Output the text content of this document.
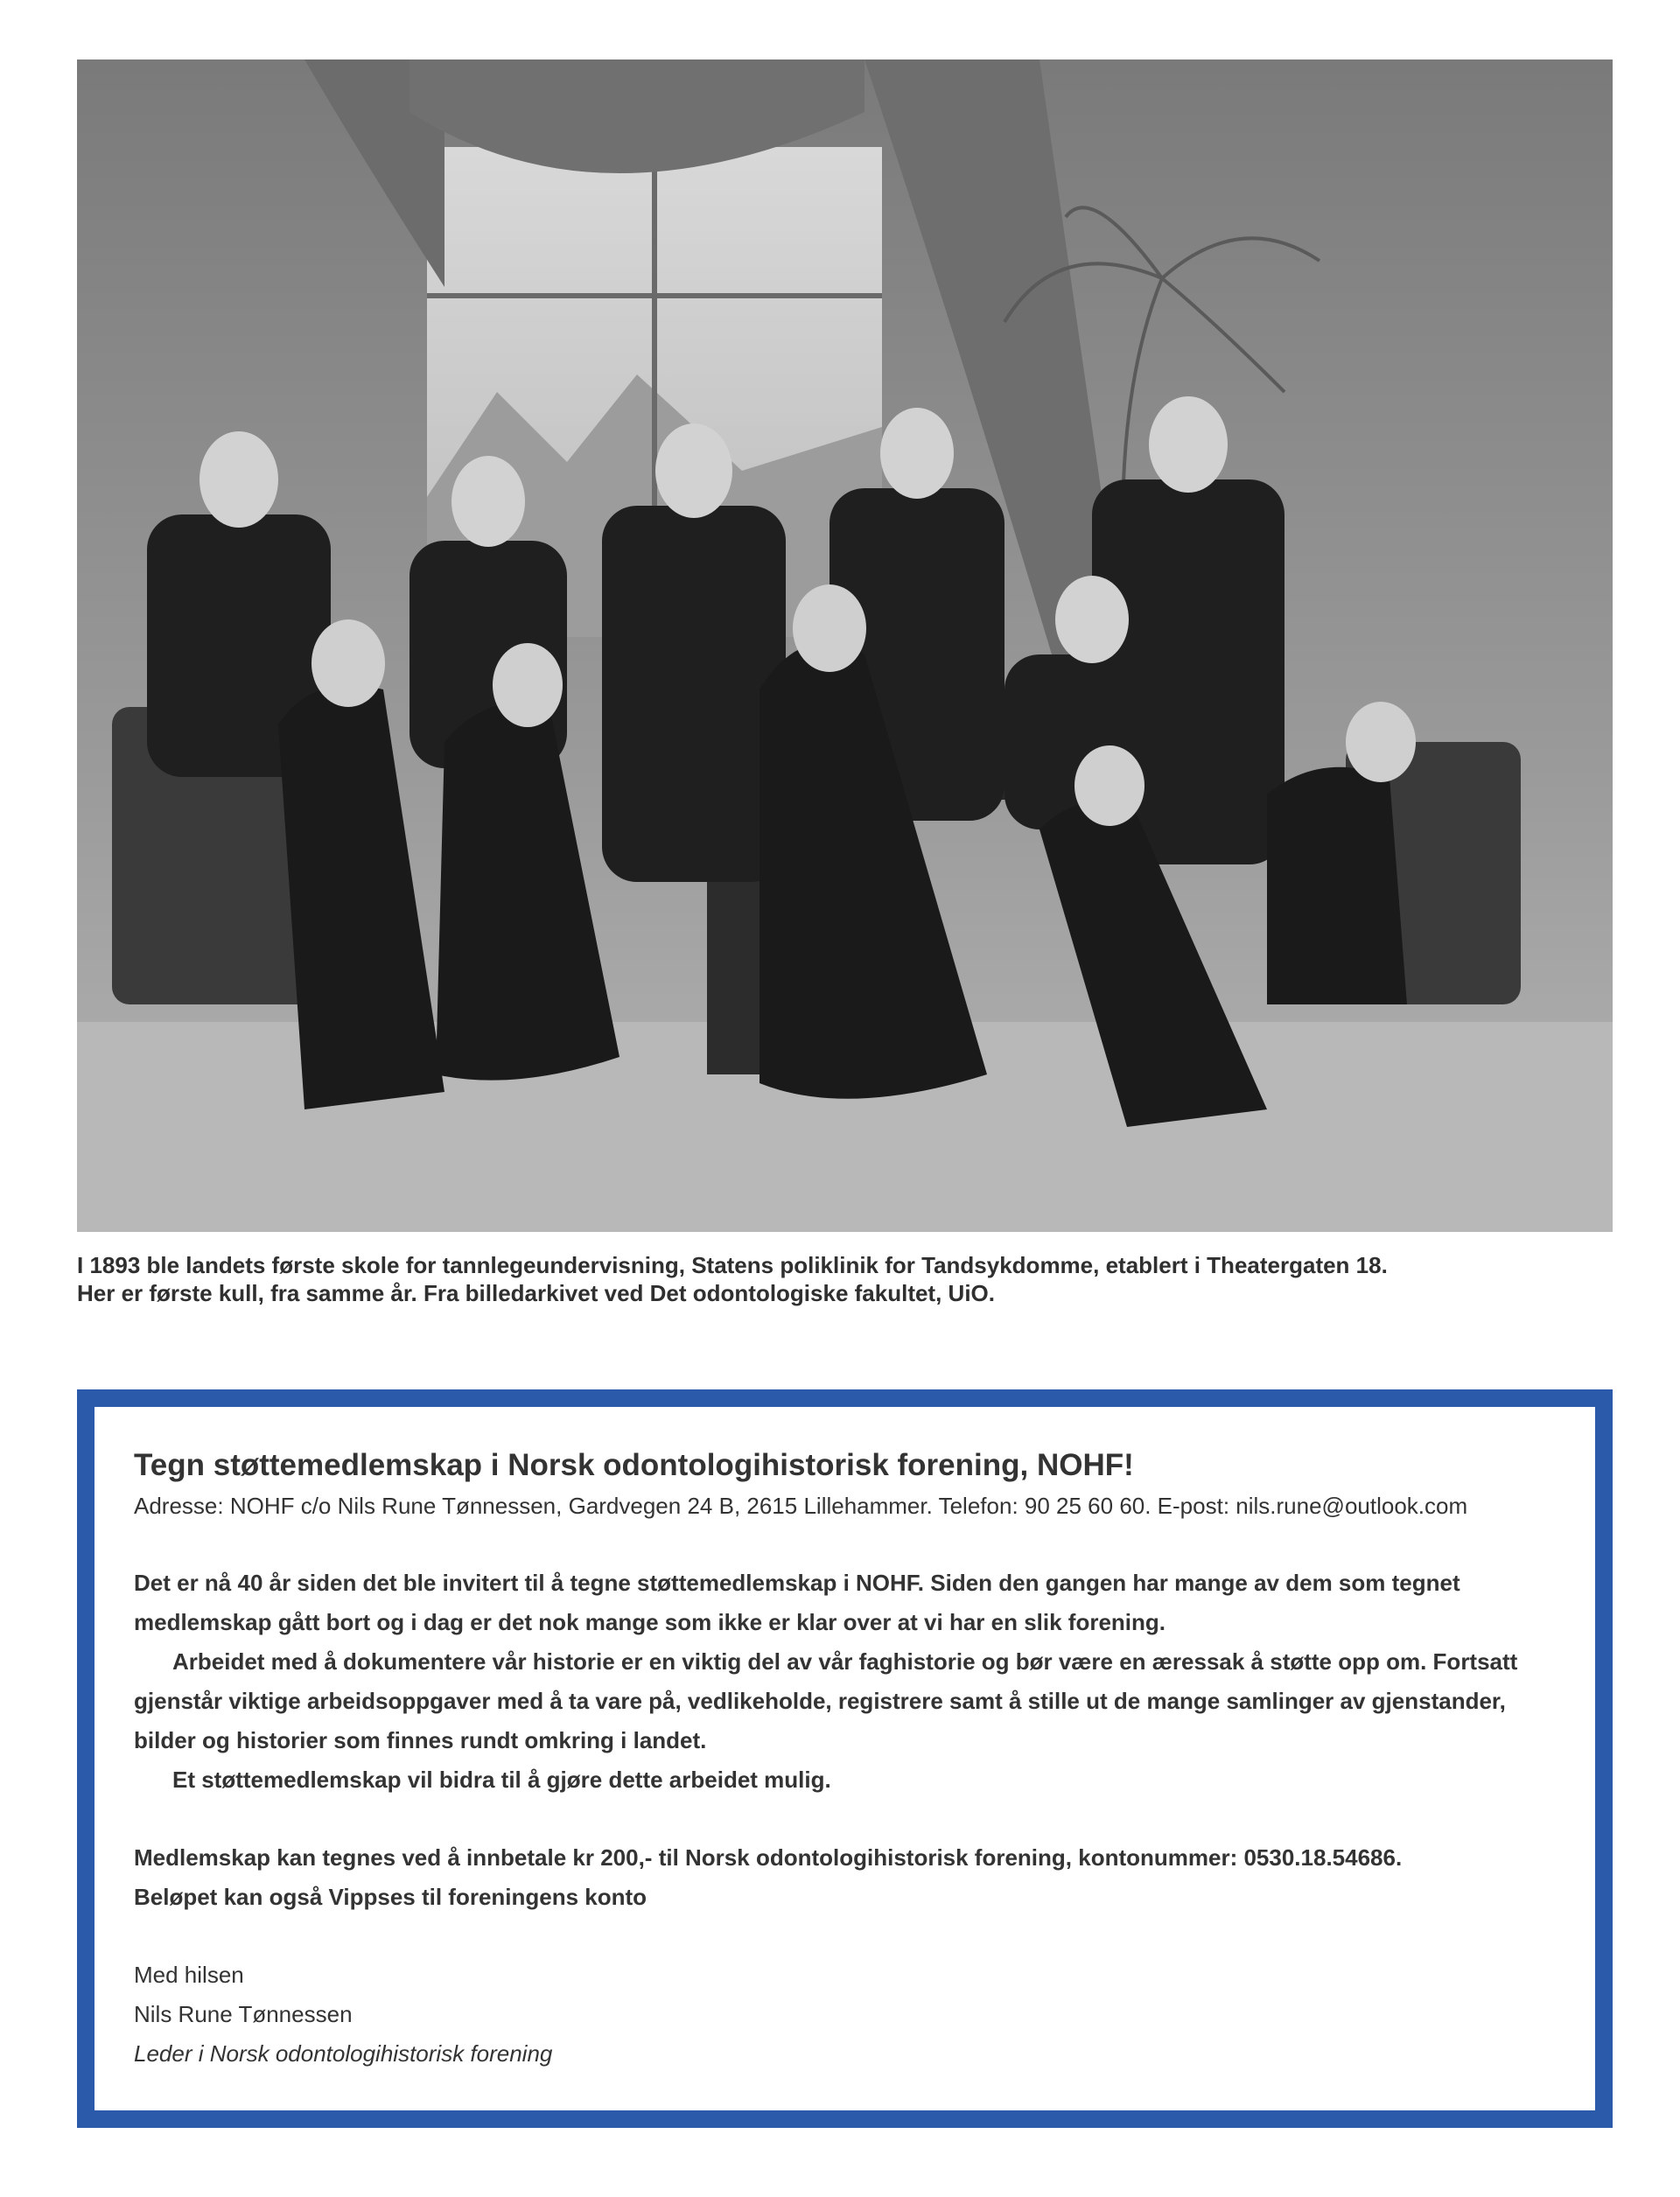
I 1893 ble landets første skole for tannlegeundervisning, Statens poliklinik for Tandsykdomme, etablert i Theatergaten 18.

Her er første kull, fra samme år. Fra billedarkivet ved Det odontologiske fakultet, UiO.

Tegn støttemedlemskap i Norsk odontologihistorisk forening, NOHF!
Adresse: NOHF c/o Nils Rune Tønnessen, Gardvegen 24 B, 2615 Lillehammer. Telefon: 90 25 60 60. E-post: nils.rune@outlook.com

Det er nå 40 år siden det ble invitert til å tegne støttemedlemskap i NOHF. Siden den gangen har mange av dem som tegnet medlemskap gått bort og i dag er det nok mange som ikke er klar over at vi har en slik forening.

Arbeidet med å dokumentere vår historie er en viktig del av vår faghistorie og bør være en æressak å støtte opp om. Fortsatt gjenstår viktige arbeidsoppgaver med å ta vare på, vedlikeholde, registrere samt å stille ut de mange samlinger av gjenstander, bilder og historier som finnes rundt omkring i landet.

Et støttemedlemskap vil bidra til å gjøre dette arbeidet mulig.

Medlemskap kan tegnes ved å innbetale kr 200,- til Norsk odontologihistorisk forening, kontonummer: 0530.18.54686.

Beløpet kan også Vippses til foreningens konto

Med hilsen

Nils Rune Tønnessen

Leder i Norsk odontologihistorisk forening
